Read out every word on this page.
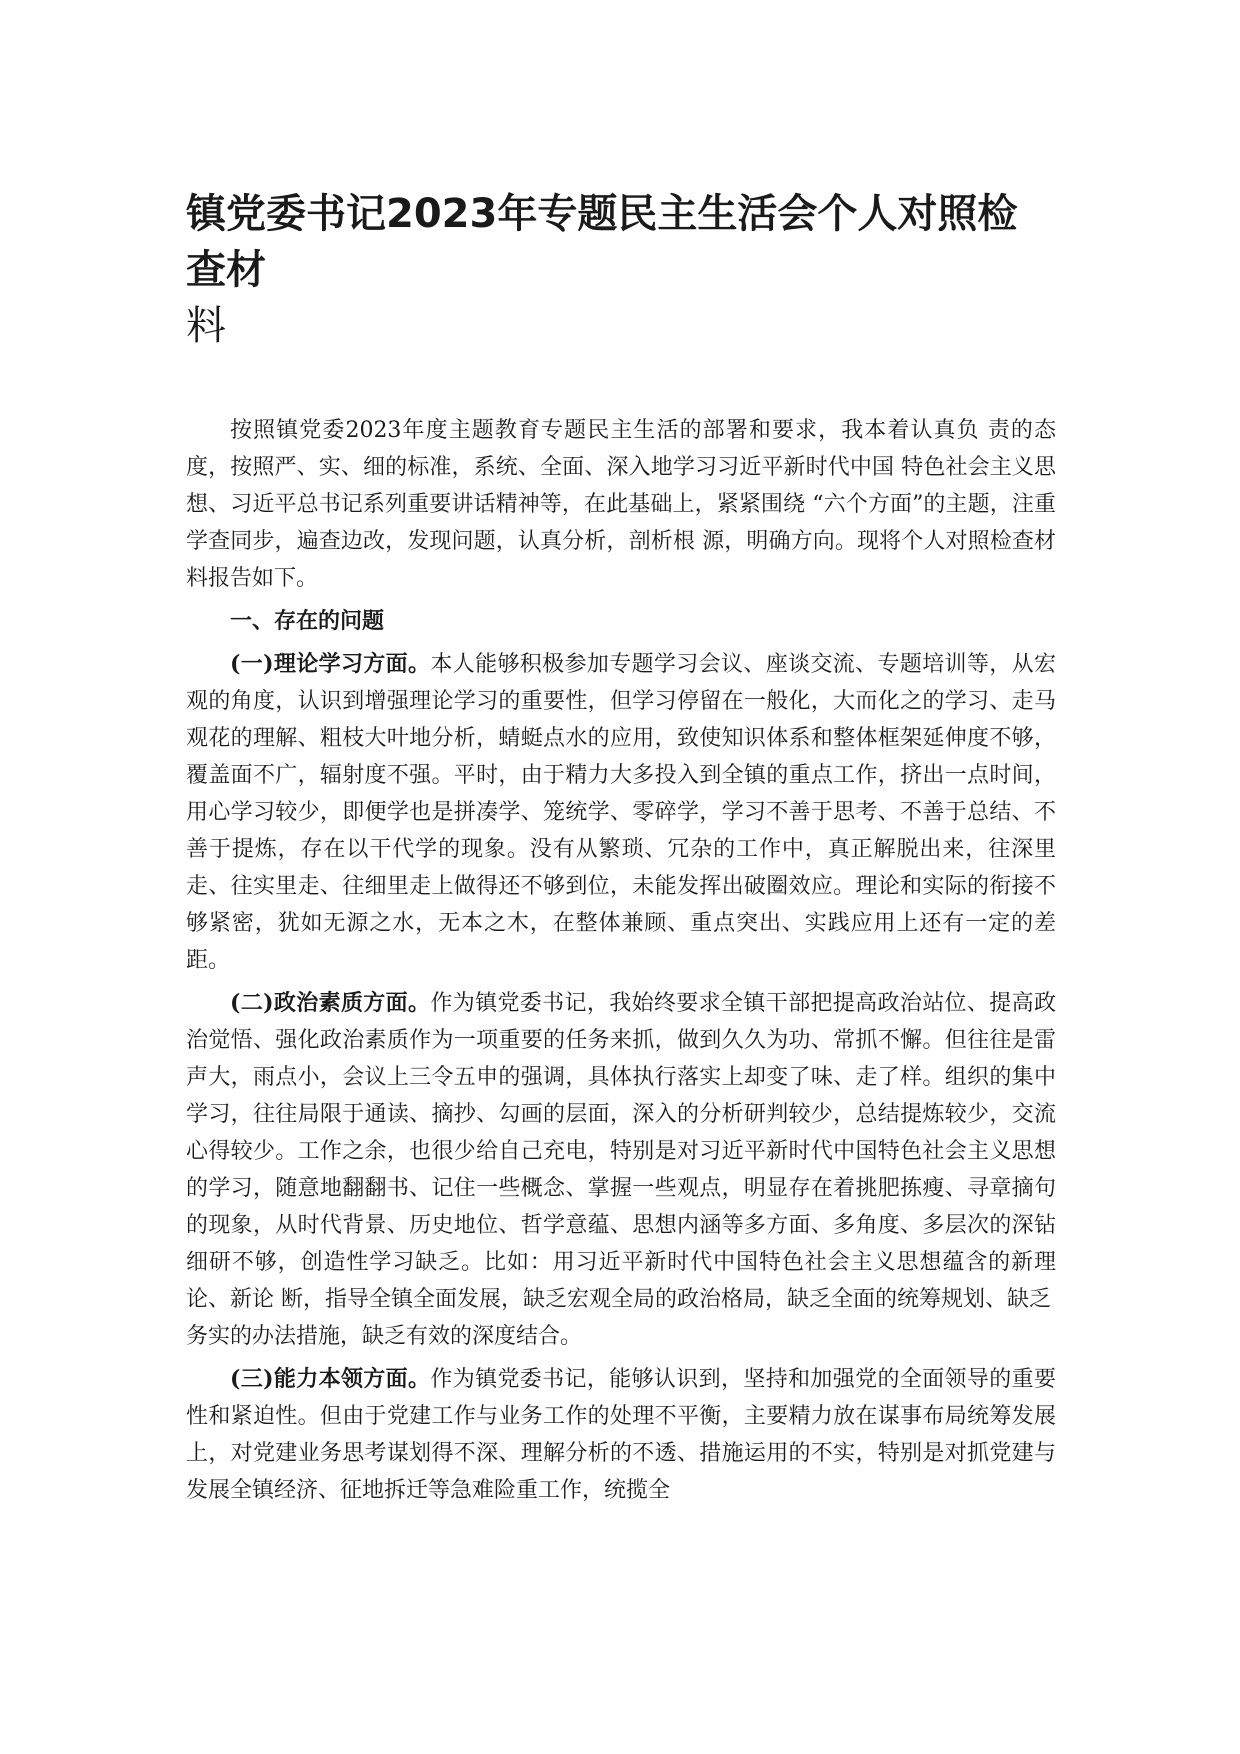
镇党委书记2023年专题民主生活会个人对照检查材
料

按照镇党委2023年度主题教育专题民主生活的部署和要求，我本着认真负 责的态度，按照严、实、细的标准，系统、全面、深入地学习习近平新时代中国 特色社会主义思想、习近平总书记系列重要讲话精神等，在此基础上，紧紧围绕 “六个方面”的主题，注重学查同步，遍查边改，发现问题，认真分析，剖析根 源，明确方向。现将个人对照检查材料报告如下。

一、存在的问题

(一)理论学习方面。本人能够积极参加专题学习会议、座谈交流、专题培训等，从宏观的角度，认识到增强理论学习的重要性，但学习停留在一般化，大而化之的学习、走马观花的理解、粗枝大叶地分析，蜻蜓点水的应用，致使知识体系和整体框架延伸度不够，覆盖面不广，辐射度不强。平时，由于精力大多投入到全镇的重点工作，挤出一点时间，用心学习较少，即便学也是拼凑学、笼统学、零碎学，学习不善于思考、不善于总结、不善于提炼，存在以干代学的现象。没有从繁琐、冗杂的工作中，真正解脱出来，往深里走、往实里走、往细里走上做得还不够到位，未能发挥出破圈效应。理论和实际的衔接不够紧密，犹如无源之水，无本之木，在整体兼顾、重点突出、实践应用上还有一定的差距。

(二)政治素质方面。作为镇党委书记，我始终要求全镇干部把提高政治站位、提高政治觉悟、强化政治素质作为一项重要的任务来抓，做到久久为功、常抓不懈。但往往是雷声大，雨点小，会议上三令五申的强调，具体执行落实上却变了味、走了样。组织的集中学习，往往局限于通读、摘抄、勾画的层面，深入的分析研判较少，总结提炼较少，交流心得较少。工作之余，也很少给自己充电，特别是对习近平新时代中国特色社会主义思想的学习，随意地翻翻书、记住一些概念、掌握一些观点，明显存在着挑肥拣瘦、寻章摘句的现象，从时代背景、历史地位、哲学意蕴、思想内涵等多方面、多角度、多层次的深钻细研不够，创造性学习缺乏。比如：用习近平新时代中国特色社会主义思想蕴含的新理论、新论 断，指导全镇全面发展，缺乏宏观全局的政治格局，缺乏全面的统筹规划、缺乏

务实的办法措施，缺乏有效的深度结合。

(三)能力本领方面。作为镇党委书记，能够认识到，坚持和加强党的全面领导的重要性和紧迫性。但由于党建工作与业务工作的处理不平衡，主要精力放在谋事布局统筹发展上，对党建业务思考谋划得不深、理解分析的不透、措施运用的不实，特别是对抓党建与发展全镇经济、征地拆迁等急难险重工作，统揽全
